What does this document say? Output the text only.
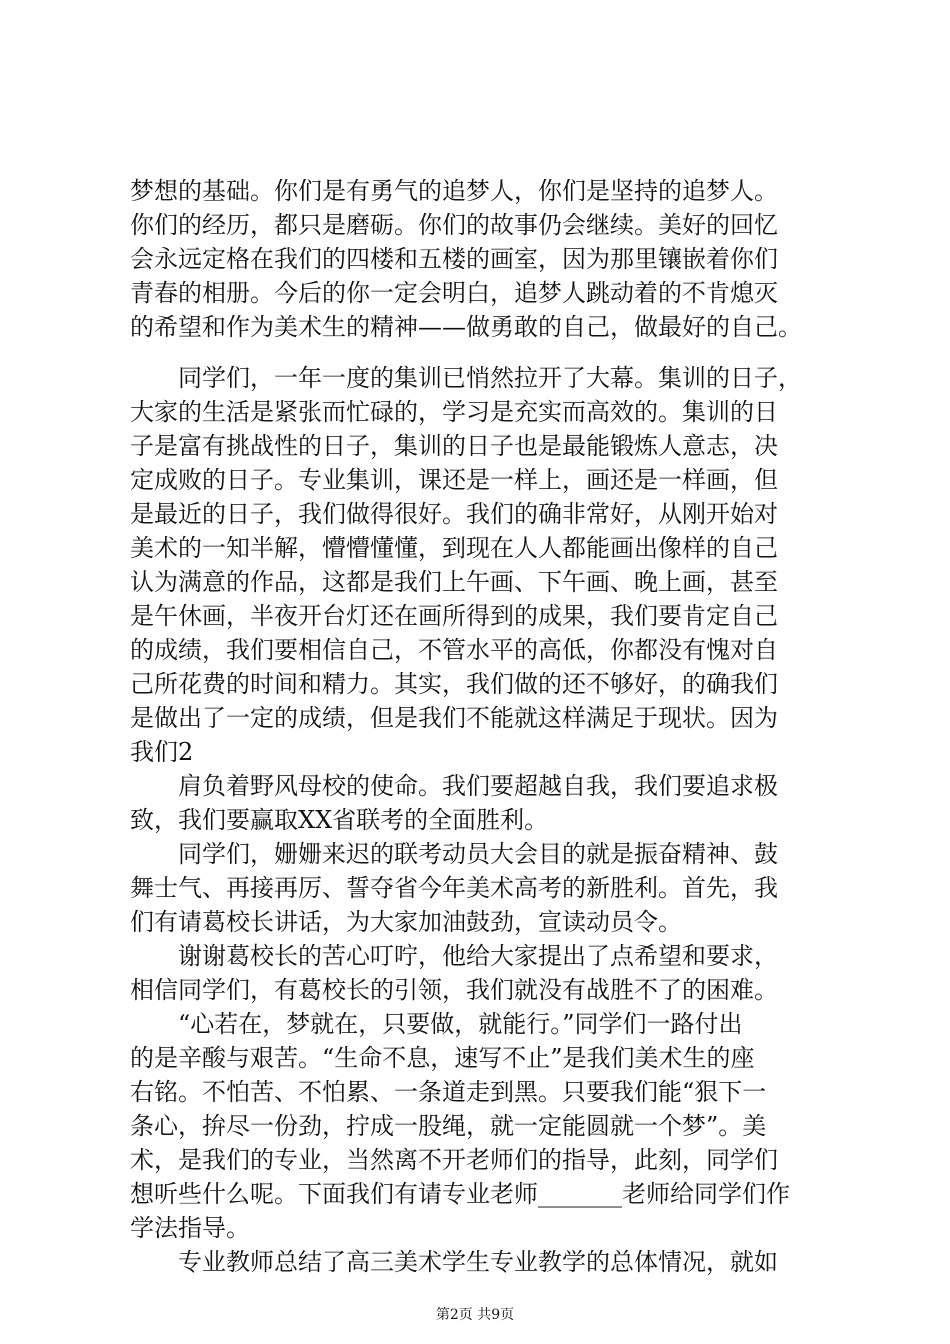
梦想的基础。你们是有勇气的追梦人，你们是坚持的追梦人。
你们的经历，都只是磨砺。你们的故事仍会继续。美好的回忆
会永远定格在我们的四楼和五楼的画室，因为那里镶嵌着你们
青春的相册。今后的你一定会明白，追梦人跳动着的不肯熄灭
的希望和作为美术生的精神——做勇敢的自己，做最好的自己。
　　同学们，一年一度的集训已悄然拉开了大幕。集训的日子，
大家的生活是紧张而忙碌的，学习是充实而高效的。集训的日
子是富有挑战性的日子，集训的日子也是最能锻炼人意志，决
定成败的日子。专业集训，课还是一样上，画还是一样画，但
是最近的日子，我们做得很好。我们的确非常好，从刚开始对
美术的一知半解，懵懵懂懂，到现在人人都能画出像样的自己
认为满意的作品，这都是我们上午画、下午画、晚上画，甚至
是午休画，半夜开台灯还在画所得到的成果，我们要肯定自己
的成绩，我们要相信自己，不管水平的高低，你都没有愧对自
己所花费的时间和精力。其实，我们做的还不够好，的确我们
是做出了一定的成绩，但是我们不能就这样满足于现状。因为
我们2
　　肩负着野风母校的使命。我们要超越自我，我们要追求极
致，我们要赢取XX省联考的全面胜利。
　　同学们，姗姗来迟的联考动员大会目的就是振奋精神、鼓
舞士气、再接再厉、誓夺省今年美术高考的新胜利。首先，我
们有请葛校长讲话，为大家加油鼓劲，宣读动员令。
　　谢谢葛校长的苦心叮咛，他给大家提出了点希望和要求，
相信同学们，有葛校长的引领，我们就没有战胜不了的困难。
　　“心若在，梦就在，只要做，就能行。”同学们一路付出
的是辛酸与艰苦。“生命不息，速写不止”是我们美术生的座
右铭。不怕苦、不怕累、一条道走到黑。只要我们能“狠下一
条心，拚尽一份劲，拧成一股绳，就一定能圆就一个梦”。美
术，是我们的专业，当然离不开老师们的指导，此刻，同学们
想听些什么呢。下面我们有请专业老师_______老师给同学们作
学法指导。
　　专业教师总结了高三美术学生专业教学的总体情况，就如
第2页 共9页
